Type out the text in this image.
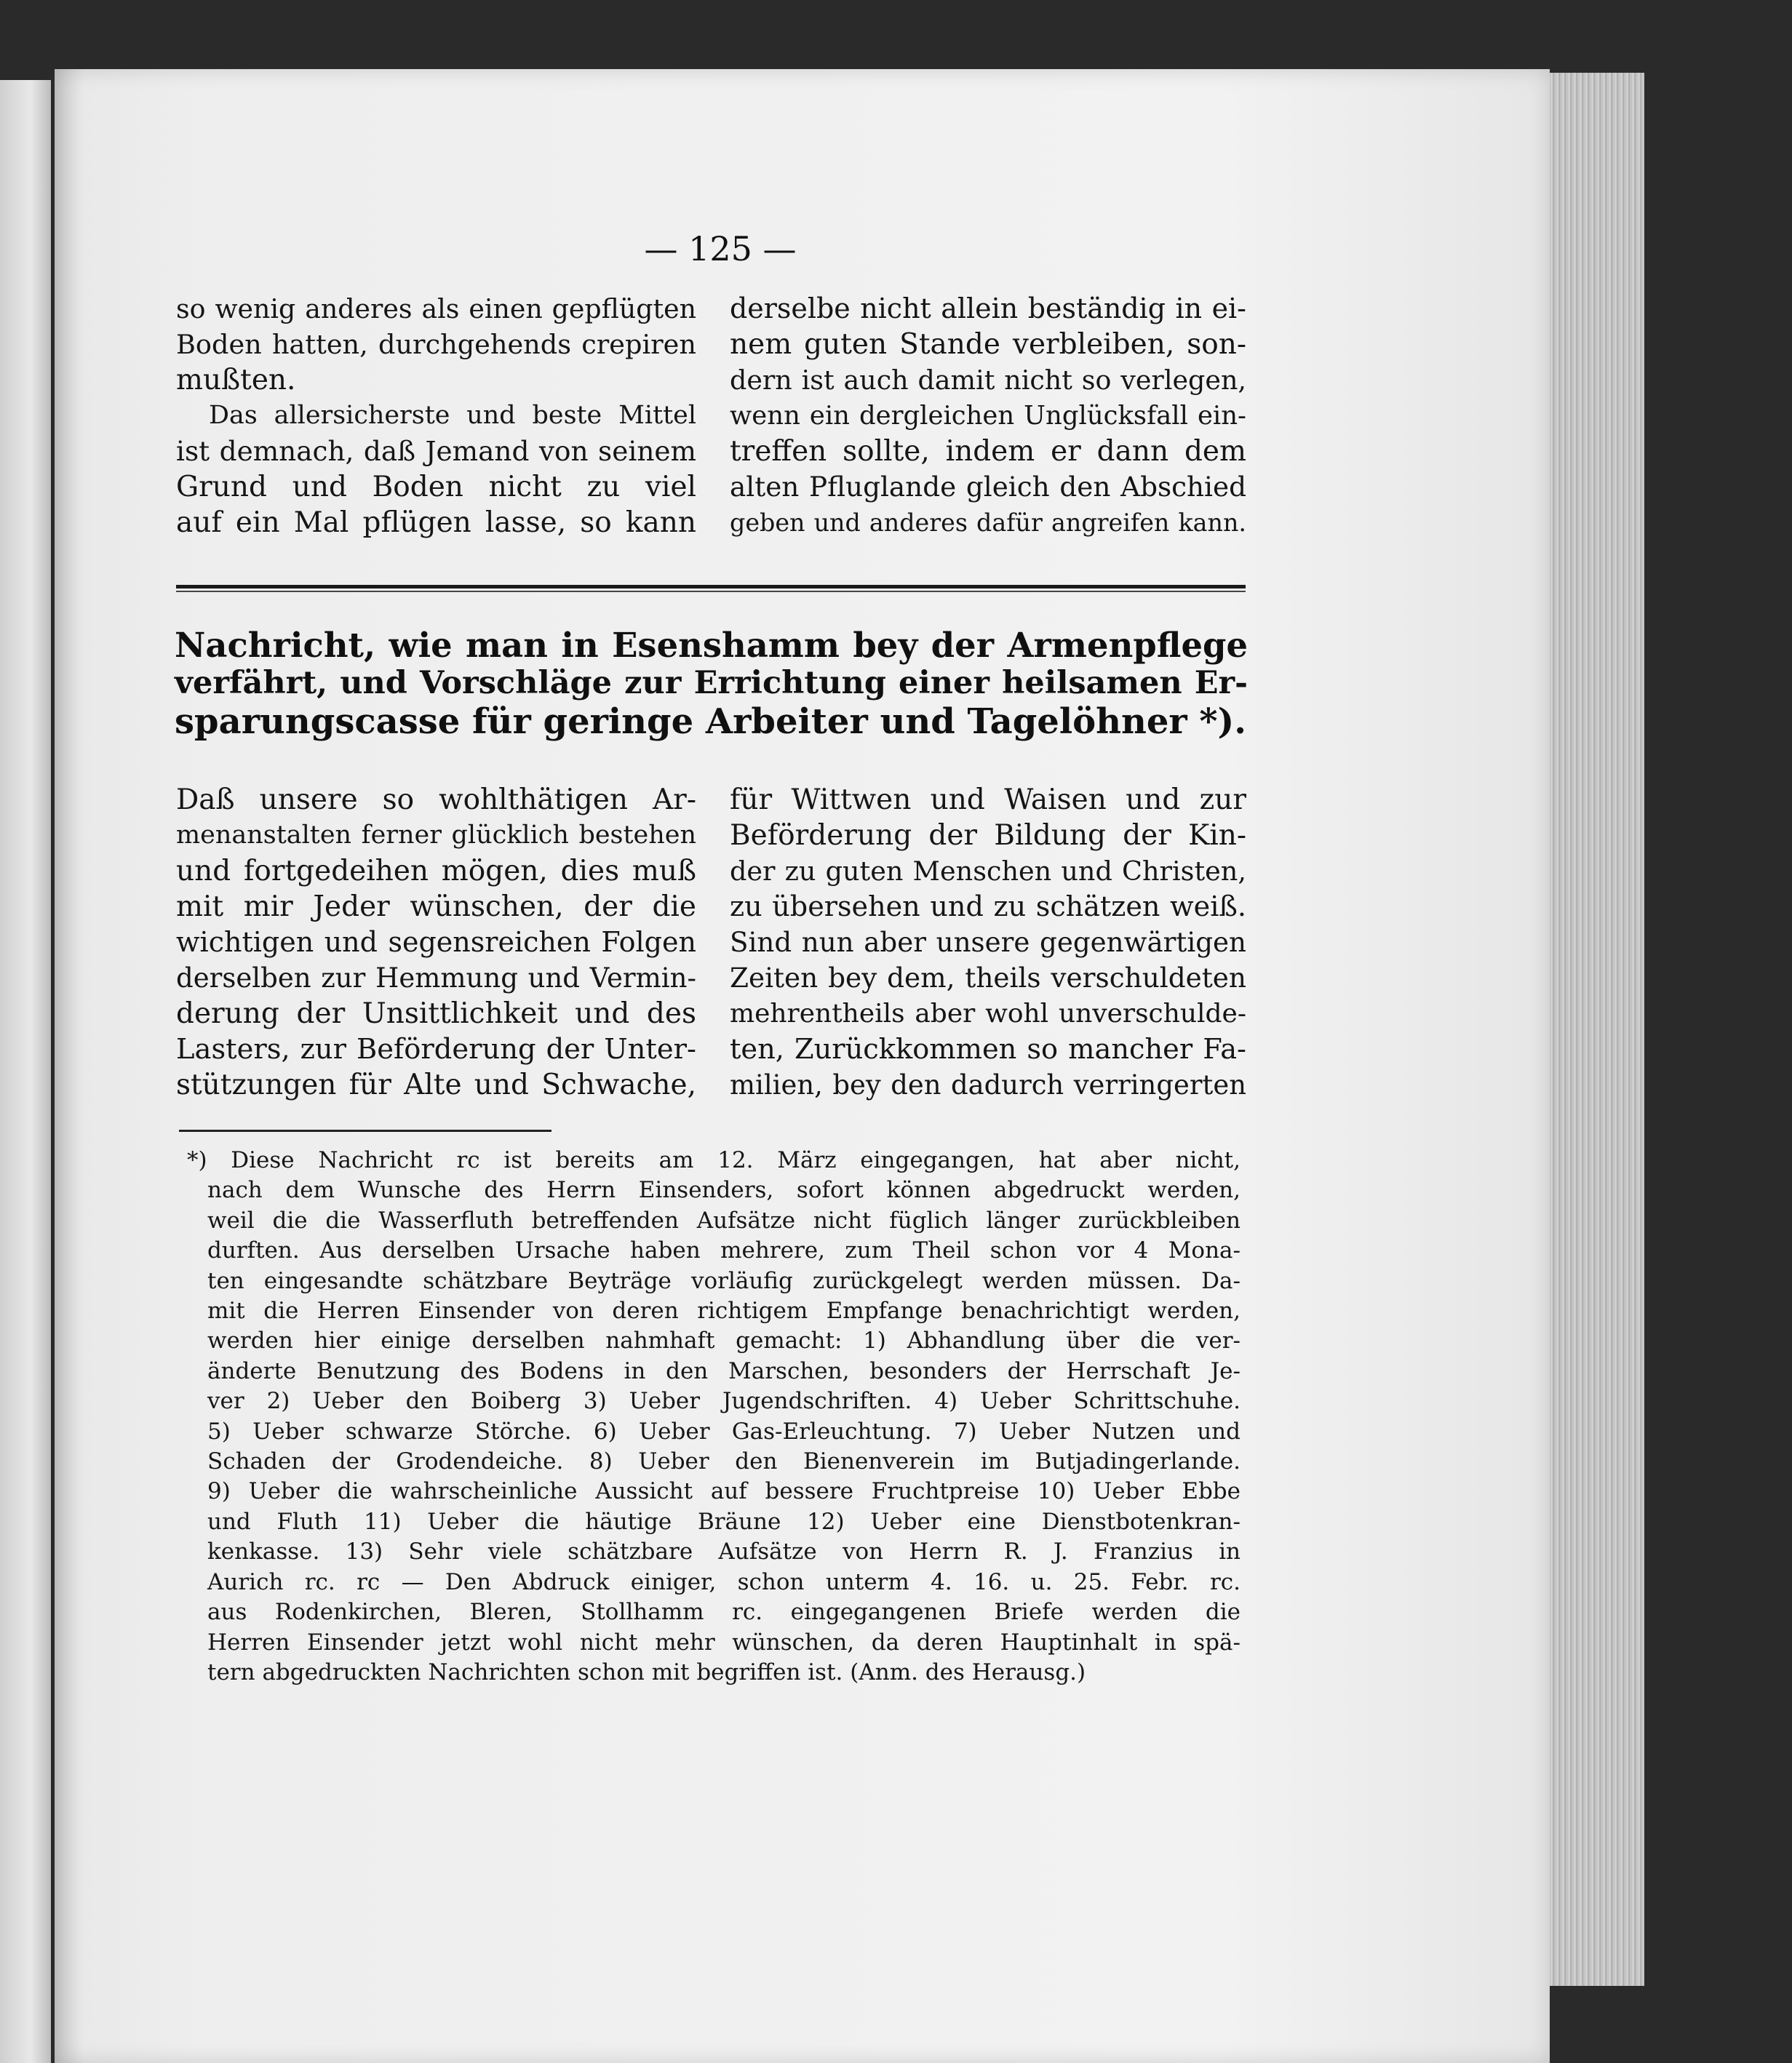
— 125 —
so wenig anderes als einen gepflügten
Boden hatten, durchgehends crepiren
mußten.
Das allersicherste und beste Mittel
ist demnach, daß Jemand von seinem
Grund und Boden nicht zu viel
auf ein Mal pflügen lasse, so kann
derselbe nicht allein beständig in ei-
nem guten Stande verbleiben, son-
dern ist auch damit nicht so verlegen,
wenn ein dergleichen Unglücksfall ein-
treffen sollte, indem er dann dem
alten Pfluglande gleich den Abschied
geben und anderes dafür angreifen kann.
Nachricht, wie man in Esenshamm bey der Armenpflege
verfährt, und Vorschläge zur Errichtung einer heilsamen Er-
sparungscasse für geringe Arbeiter und Tagelöhner *).
Daß unsere so wohlthätigen Ar-
menanstalten ferner glücklich bestehen
und fortgedeihen mögen, dies muß
mit mir Jeder wünschen, der die
wichtigen und segensreichen Folgen
derselben zur Hemmung und Vermin-
derung der Unsittlichkeit und des
Lasters, zur Beförderung der Unter-
stützungen für Alte und Schwache,
für Wittwen und Waisen und zur
Beförderung der Bildung der Kin-
der zu guten Menschen und Christen,
zu übersehen und zu schätzen weiß.
Sind nun aber unsere gegenwärtigen
Zeiten bey dem, theils verschuldeten
mehrentheils aber wohl unverschulde-
ten, Zurückkommen so mancher Fa-
milien, bey den dadurch verringerten
*) Diese Nachricht rc ist bereits am 12. März eingegangen, hat aber nicht,
nach dem Wunsche des Herrn Einsenders, sofort können abgedruckt werden,
weil die die Wasserfluth betreffenden Aufsätze nicht füglich länger zurückbleiben
durften. Aus derselben Ursache haben mehrere, zum Theil schon vor 4 Mona-
ten eingesandte schätzbare Beyträge vorläufig zurückgelegt werden müssen. Da-
mit die Herren Einsender von deren richtigem Empfange benachrichtigt werden,
werden hier einige derselben nahmhaft gemacht: 1) Abhandlung über die ver-
änderte Benutzung des Bodens in den Marschen, besonders der Herrschaft Je-
ver 2) Ueber den Boiberg 3) Ueber Jugendschriften. 4) Ueber Schrittschuhe.
5) Ueber schwarze Störche. 6) Ueber Gas-Erleuchtung. 7) Ueber Nutzen und
Schaden der Grodendeiche. 8) Ueber den Bienenverein im Butjadingerlande.
9) Ueber die wahrscheinliche Aussicht auf bessere Fruchtpreise 10) Ueber Ebbe
und Fluth 11) Ueber die häutige Bräune 12) Ueber eine Dienstbotenkran-
kenkasse. 13) Sehr viele schätzbare Aufsätze von Herrn R. J. Franzius in
Aurich rc. rc — Den Abdruck einiger, schon unterm 4. 16. u. 25. Febr. rc.
aus Rodenkirchen, Bleren, Stollhamm rc. eingegangenen Briefe werden die
Herren Einsender jetzt wohl nicht mehr wünschen, da deren Hauptinhalt in spä-
tern abgedruckten Nachrichten schon mit begriffen ist. (Anm. des Herausg.)
